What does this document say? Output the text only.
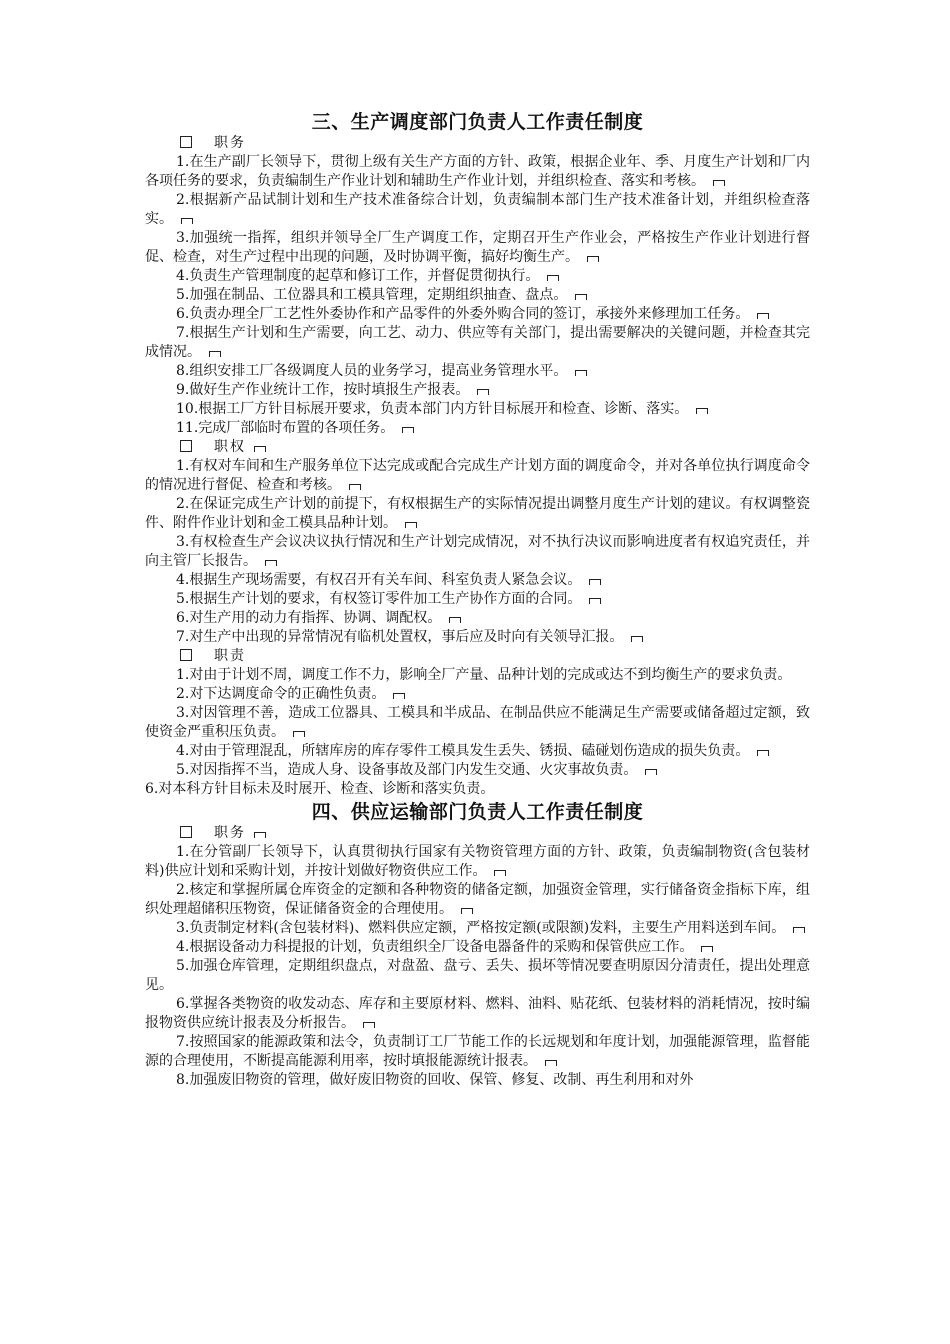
三、生产调度部门负责人工作责任制度
职务

1.在生产副厂长领导下，贯彻上级有关生产方面的方针、政策，根据企业年、季、月度生产计划和厂内各项任务的要求，负责编制生产作业计划和辅助生产作业计划，并组织检查、落实和考核。

2.根据新产品试制计划和生产技术准备综合计划，负责编制本部门生产技术准备计划，并组织检查落实。

3.加强统一指挥，组织并领导全厂生产调度工作，定期召开生产作业会，严格按生产作业计划进行督促、检查，对生产过程中出现的问题，及时协调平衡，搞好均衡生产。

4.负责生产管理制度的起草和修订工作，并督促贯彻执行。

5.加强在制品、工位器具和工模具管理，定期组织抽查、盘点。

6.负责办理全厂工艺性外委协作和产品零件的外委外购合同的签订，承接外来修理加工任务。

7.根据生产计划和生产需要，向工艺、动力、供应等有关部门，提出需要解决的关键问题，并检查其完成情况。

8.组织安排工厂各级调度人员的业务学习，提高业务管理水平。

9.做好生产作业统计工作，按时填报生产报表。

10.根据工厂方针目标展开要求，负责本部门内方针目标展开和检查、诊断、落实。

11.完成厂部临时布置的各项任务。

职权

1.有权对车间和生产服务单位下达完成或配合完成生产计划方面的调度命令，并对各单位执行调度命令的情况进行督促、检查和考核。

2.在保证完成生产计划的前提下，有权根据生产的实际情况提出调整月度生产计划的建议。有权调整瓷件、附件作业计划和金工模具品种计划。

3.有权检查生产会议决议执行情况和生产计划完成情况，对不执行决议而影响进度者有权追究责任，并向主管厂长报告。

4.根据生产现场需要，有权召开有关车间、科室负责人紧急会议。

5.根据生产计划的要求，有权签订零件加工生产协作方面的合同。

6.对生产用的动力有指挥、协调、调配权。

7.对生产中出现的异常情况有临机处置权，事后应及时向有关领导汇报。

职责

1.对由于计划不周，调度工作不力，影响全厂产量、品种计划的完成或达不到均衡生产的要求负责。

2.对下达调度命令的正确性负责。

3.对因管理不善，造成工位器具、工模具和半成品、在制品供应不能满足生产需要或储备超过定额，致使资金严重积压负责。

4.对由于管理混乱，所辖库房的库存零件工模具发生丢失、锈损、磕碰划伤造成的损失负责。

5.对因指挥不当，造成人身、设备事故及部门内发生交通、火灾事故负责。

6.对本科方针目标未及时展开、检查、诊断和落实负责。

四、供应运输部门负责人工作责任制度
职务

1.在分管副厂长领导下，认真贯彻执行国家有关物资管理方面的方针、政策，负责编制物资(含包装材料)供应计划和采购计划，并按计划做好物资供应工作。

2.核定和掌握所属仓库资金的定额和各种物资的储备定额，加强资金管理，实行储备资金指标下库，组织处理超储积压物资，保证储备资金的合理使用。

3.负责制定材料(含包装材料)、燃料供应定额，严格按定额(或限额)发料，主要生产用料送到车间。

4.根据设备动力科提报的计划，负责组织全厂设备电器备件的采购和保管供应工作。

5.加强仓库管理，定期组织盘点，对盘盈、盘亏、丢失、损坏等情况要查明原因分清责任，提出处理意见。

6.掌握各类物资的收发动态、库存和主要原材料、燃料、油料、贴花纸、包装材料的消耗情况，按时编报物资供应统计报表及分析报告。

7.按照国家的能源政策和法令，负责制订工厂节能工作的长远规划和年度计划，加强能源管理，监督能源的合理使用，不断提高能源利用率，按时填报能源统计报表。

8.加强废旧物资的管理，做好废旧物资的回收、保管、修复、改制、再生利用和对外
